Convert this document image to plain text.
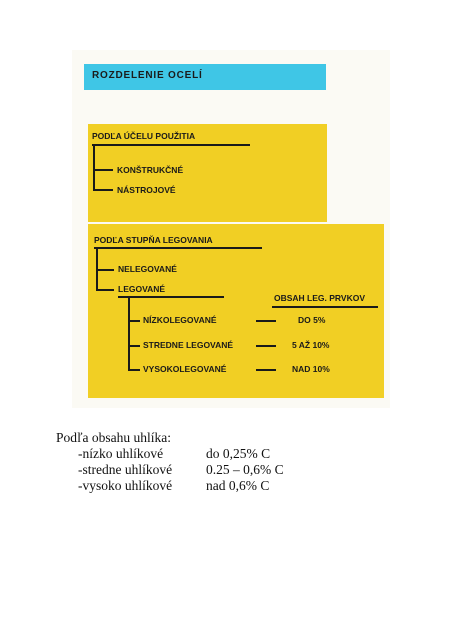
ROZDELENIE OCELÍ
PODĽA ÚČELU POUŽITIA
KONŠTRUKČNÉ
NÁSTROJOVÉ
PODĽA STUPŇA LEGOVANIA
NELEGOVANÉ
LEGOVANÉ
OBSAH LEG. PRVKOV
NÍZKOLEGOVANÉ	DO 5%
STREDNE LEGOVANÉ	5 AŽ 10%
VYSOKOLEGOVANÉ	NAD 10%
Podľa obsahu uhlíka:
-nízko uhlíkové	do 0,25% C
-stredne uhlíkové	0.25 – 0,6% C
-vysoko uhlíkové	nad 0,6% C
